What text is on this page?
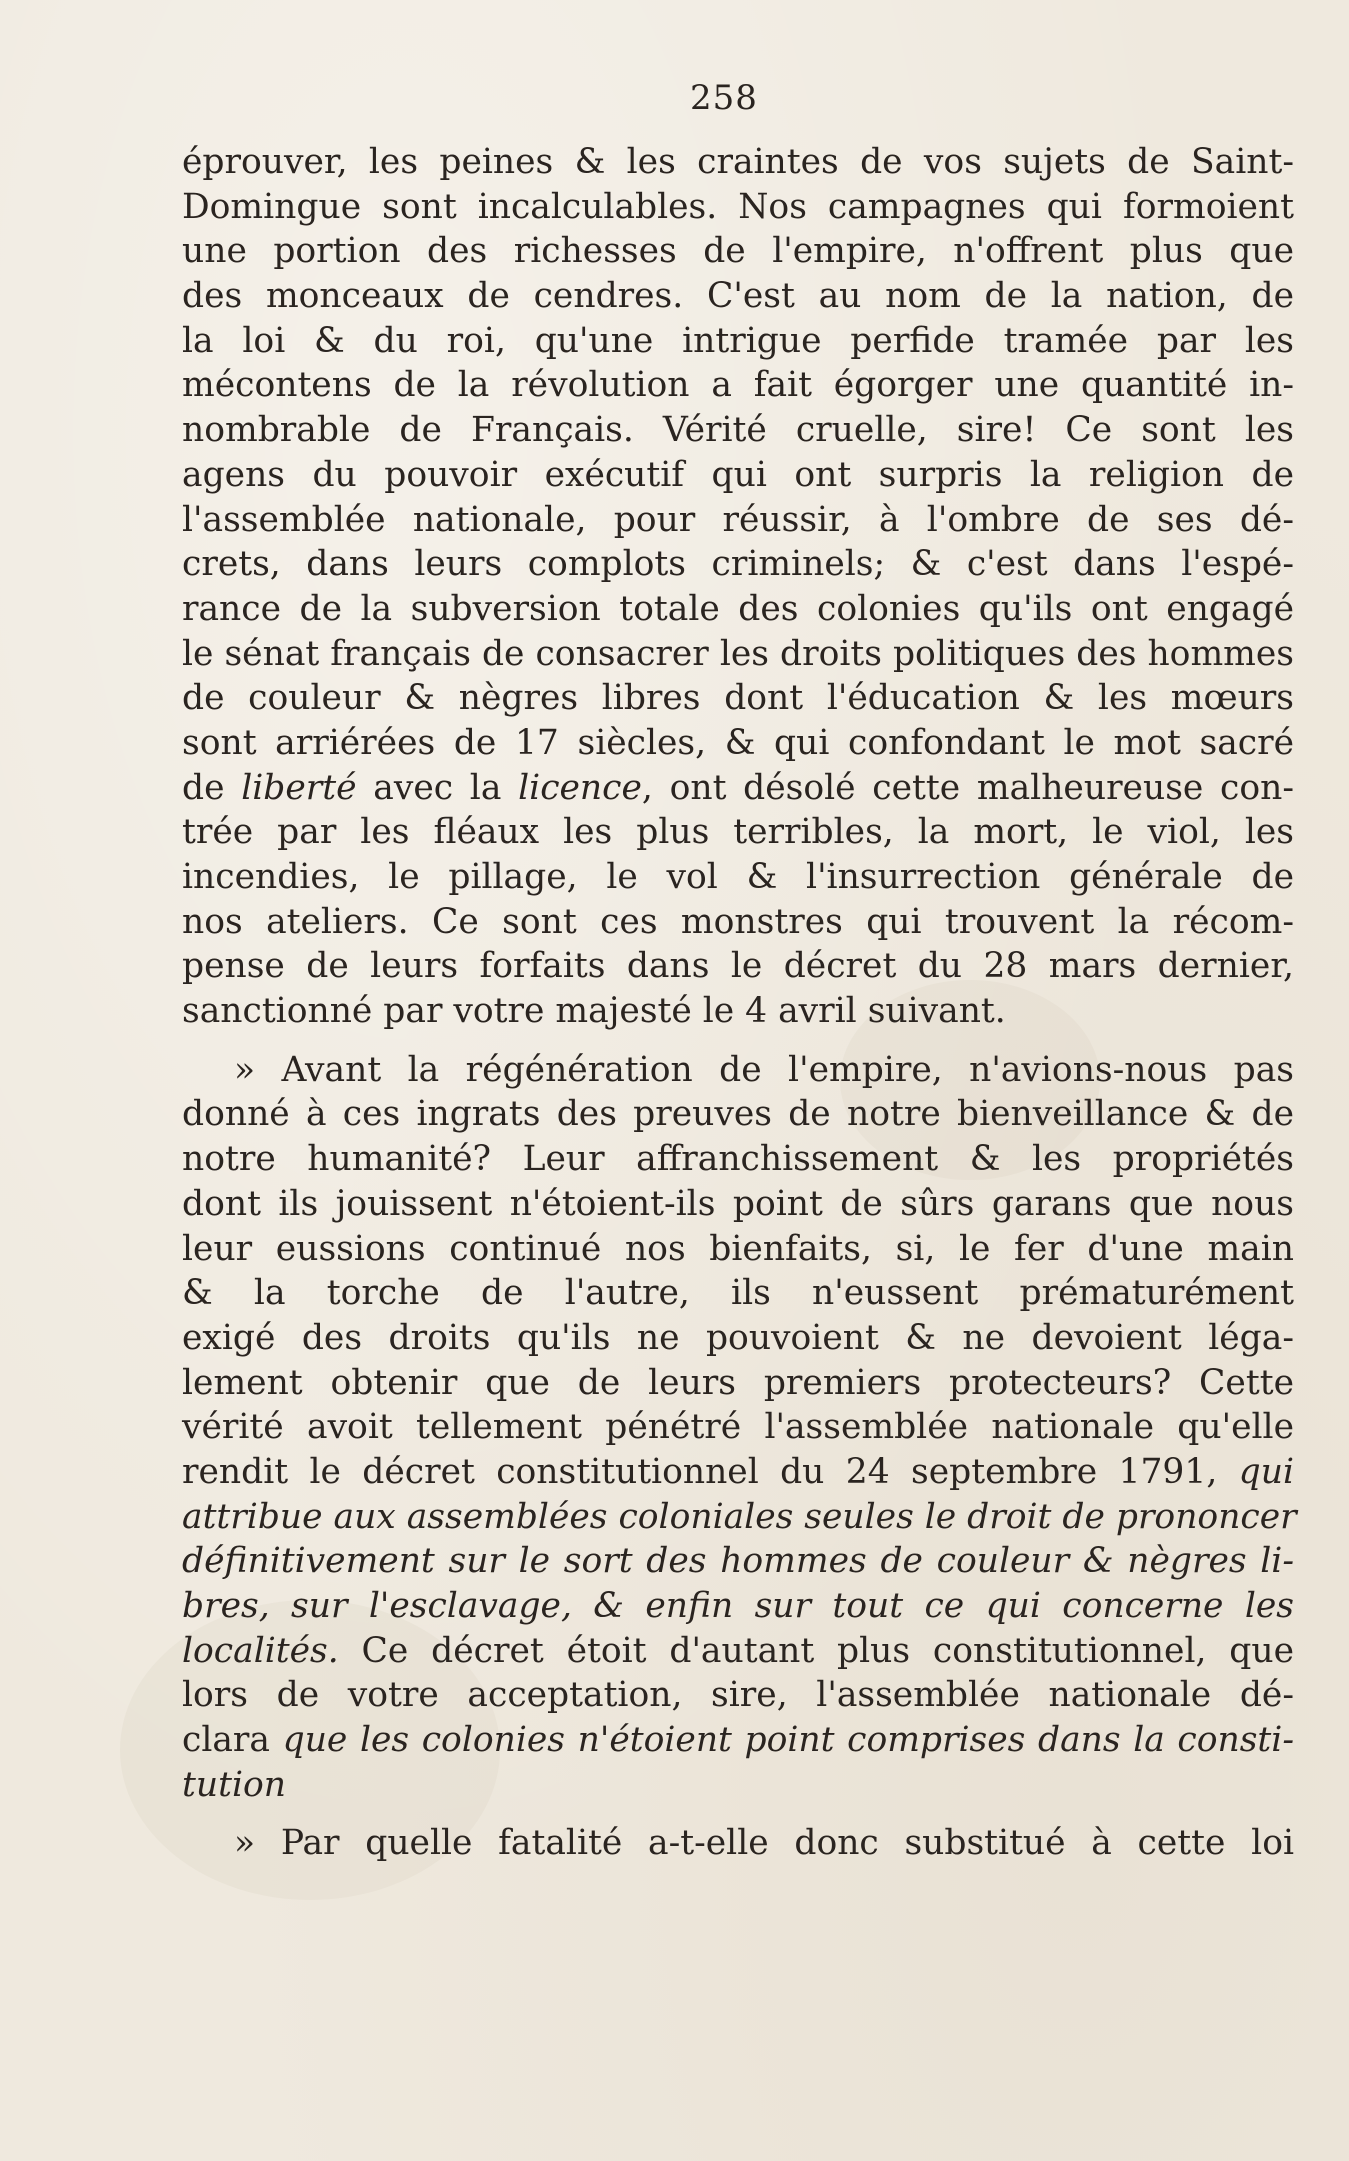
258
éprouver, les peines & les craintes de vos sujets de Saint-
Domingue sont incalculables. Nos campagnes qui formoient
une portion des richesses de l'empire, n'offrent plus que
des monceaux de cendres. C'est au nom de la nation, de
la loi & du roi, qu'une intrigue perfide tramée par les
mécontens de la révolution a fait égorger une quantité in-
nombrable de Français. Vérité cruelle, sire! Ce sont les
agens du pouvoir exécutif qui ont surpris la religion de
l'assemblée nationale, pour réussir, à l'ombre de ses dé-
crets, dans leurs complots criminels; & c'est dans l'espé-
rance de la subversion totale des colonies qu'ils ont engagé
le sénat français de consacrer les droits politiques des hommes
de couleur & nègres libres dont l'éducation & les mœurs
sont arriérées de 17 siècles, & qui confondant le mot sacré
de liberté avec la licence, ont désolé cette malheureuse con-
trée par les fléaux les plus terribles, la mort, le viol, les
incendies, le pillage, le vol & l'insurrection générale de
nos ateliers. Ce sont ces monstres qui trouvent la récom-
pense de leurs forfaits dans le décret du 28 mars dernier,
sanctionné par votre majesté le 4 avril suivant.
» Avant la régénération de l'empire, n'avions-nous pas
donné à ces ingrats des preuves de notre bienveillance & de
notre humanité? Leur affranchissement & les propriétés
dont ils jouissent n'étoient-ils point de sûrs garans que nous
leur eussions continué nos bienfaits, si, le fer d'une main
& la torche de l'autre, ils n'eussent prématurément
exigé des droits qu'ils ne pouvoient & ne devoient léga-
lement obtenir que de leurs premiers protecteurs? Cette
vérité avoit tellement pénétré l'assemblée nationale qu'elle
rendit le décret constitutionnel du 24 septembre 1791, qui
attribue aux assemblées coloniales seules le droit de prononcer
définitivement sur le sort des hommes de couleur & nègres li-
bres, sur l'esclavage, & enfin sur tout ce qui concerne les
localités. Ce décret étoit d'autant plus constitutionnel, que
lors de votre acceptation, sire, l'assemblée nationale dé-
clara que les colonies n'étoient point comprises dans la consti-
tution
» Par quelle fatalité a-t-elle donc substitué à cette loi
